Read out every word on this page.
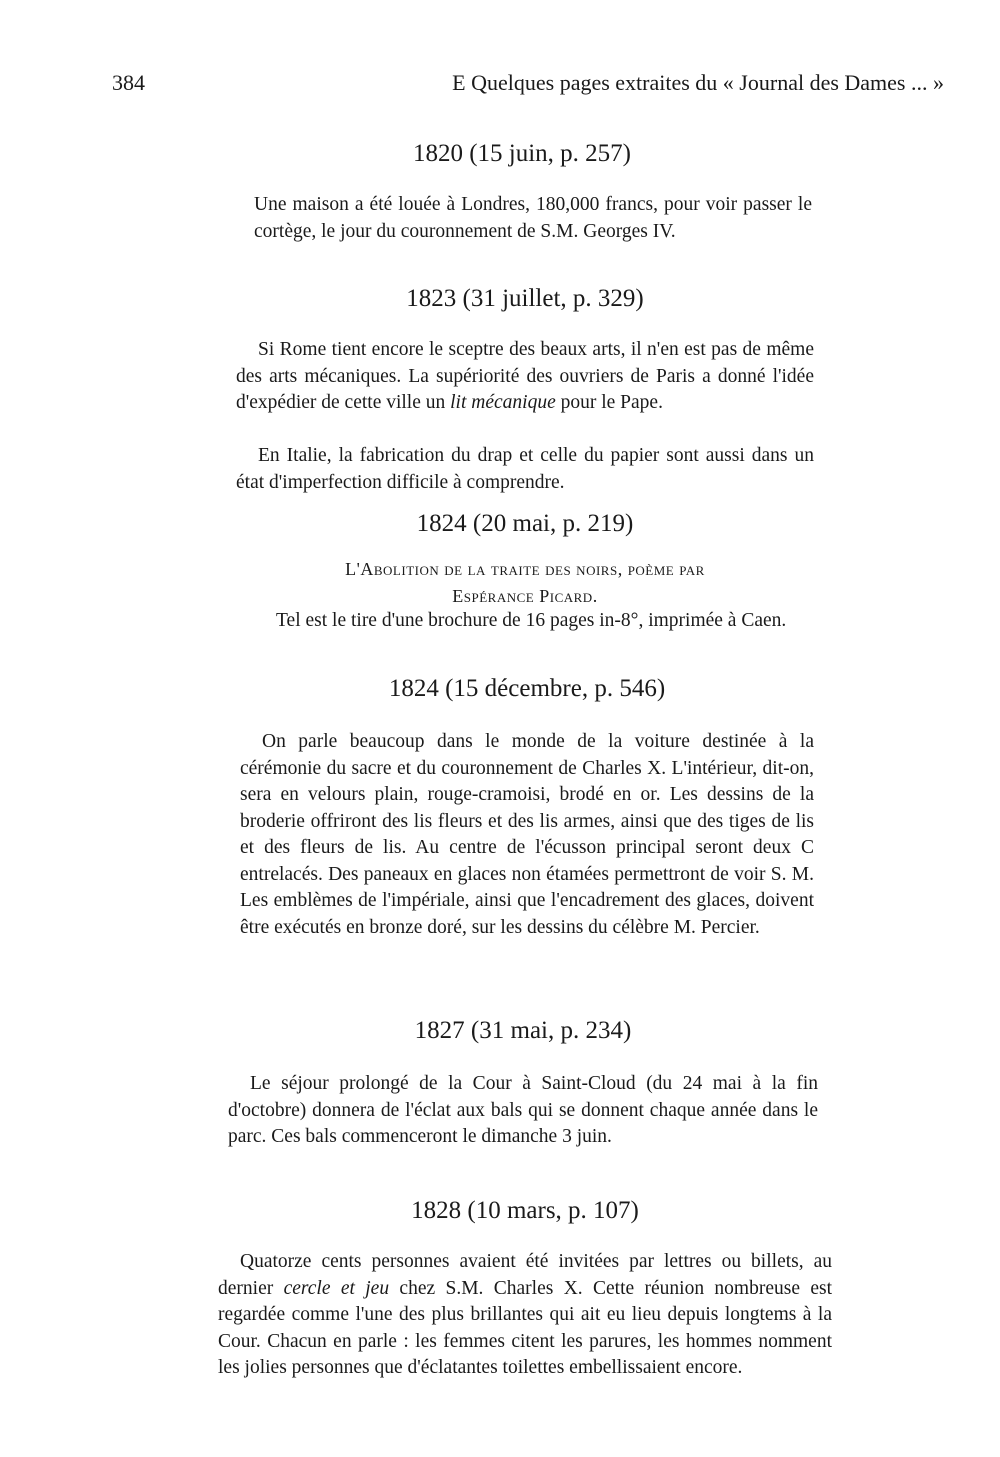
384	E Quelques pages extraites du « Journal des Dames ... »
1820 (15 juin, p. 257)

Une maison a été louée à Londres, 180,000 francs, pour voir passer le cortège, le jour du couronnement de S.M. Georges IV.

1823 (31 juillet, p. 329)

Si Rome tient encore le sceptre des beaux arts, il n'en est pas de même des arts mécaniques. La supériorité des ouvriers de Paris a donné l'idée d'expédier de cette ville un lit mécanique pour le Pape.

En Italie, la fabrication du drap et celle du papier sont aussi dans un état d'imperfection difficile à comprendre.

1824 (20 mai, p. 219)

L'Abolition de la traite des noirs, poème par
Espérance Picard.

Tel est le tire d'une brochure de 16 pages in-8°, imprimée à Caen.

1824 (15 décembre, p. 546)

On parle beaucoup dans le monde de la voiture destinée à la cérémonie du sacre et du couronnement de Charles X. L'intérieur, dit-on, sera en velours plain, rouge-cramoisi, brodé en or. Les dessins de la broderie offriront des lis fleurs et des lis armes, ainsi que des tiges de lis et des fleurs de lis. Au centre de l'écusson principal seront deux C entrelacés. Des paneaux en glaces non étamées permettront de voir S. M. Les emblèmes de l'impériale, ainsi que l'encadrement des glaces, doivent être exécutés en bronze doré, sur les dessins du célèbre M. Percier.

1827 (31 mai, p. 234)

Le séjour prolongé de la Cour à Saint-Cloud (du 24 mai à la fin d'octobre) donnera de l'éclat aux bals qui se donnent chaque année dans le parc. Ces bals commenceront le dimanche 3 juin.

1828 (10 mars, p. 107)

Quatorze cents personnes avaient été invitées par lettres ou billets, au dernier cercle et jeu chez S.M. Charles X. Cette réunion nombreuse est regardée comme l'une des plus brillantes qui ait eu lieu depuis longtems à la Cour. Chacun en parle : les femmes citent les parures, les hommes nomment les jolies personnes que d'éclatantes toilettes embellissaient encore.
